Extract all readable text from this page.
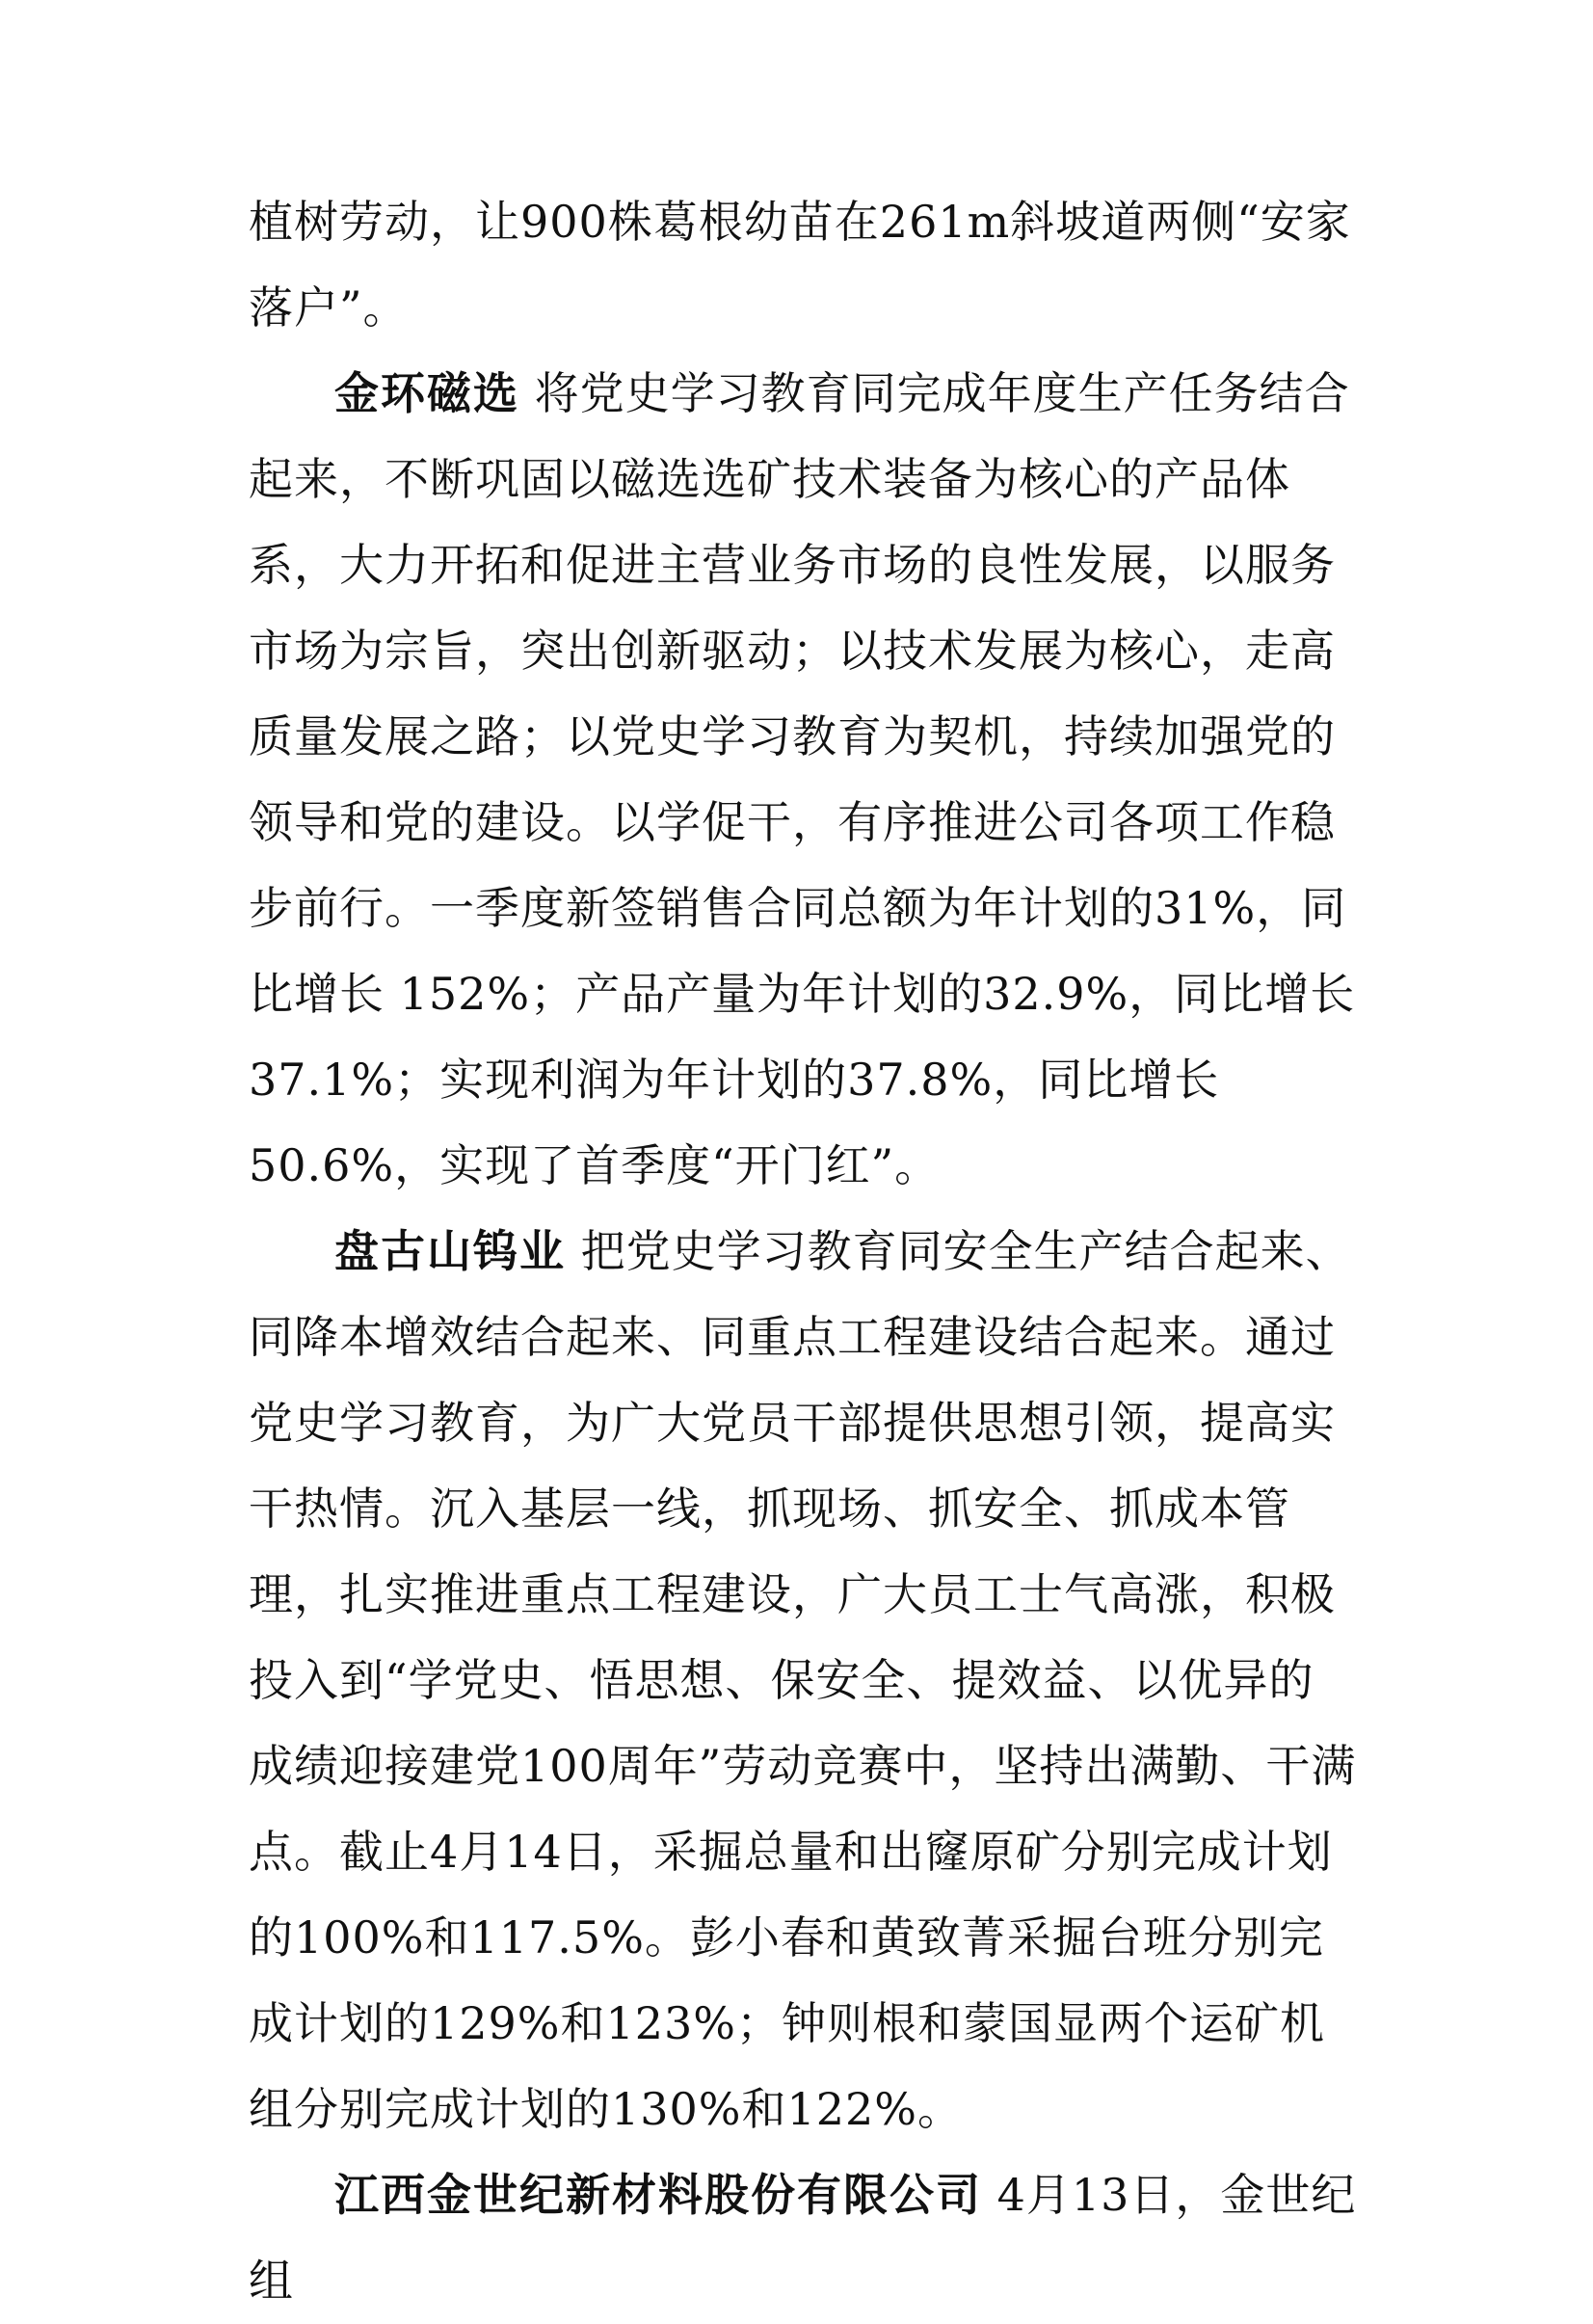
植树劳动，让900株葛根幼苗在261m斜坡道两侧“安家落户”。

金环磁选 将党史学习教育同完成年度生产任务结合起来，不断巩固以磁选选矿技术装备为核心的产品体系，大力开拓和促进主营业务市场的良性发展，以服务市场为宗旨，突出创新驱动；以技术发展为核心，走高质量发展之路；以党史学习教育为契机，持续加强党的领导和党的建设。以学促干，有序推进公司各项工作稳步前行。一季度新签销售合同总额为年计划的31%，同比增长 152%；产品产量为年计划的32.9%，同比增长37.1%；实现利润为年计划的37.8%，同比增长50.6%，实现了首季度“开门红”。

盘古山钨业 把党史学习教育同安全生产结合起来、同降本增效结合起来、同重点工程建设结合起来。通过党史学习教育，为广大党员干部提供思想引领，提高实干热情。沉入基层一线，抓现场、抓安全、抓成本管理，扎实推进重点工程建设，广大员工士气高涨，积极投入到“学党史、悟思想、保安全、提效益、以优异的成绩迎接建党100周年”劳动竞赛中，坚持出满勤、干满点。截止4月14日，采掘总量和出窿原矿分别完成计划的100%和117.5%。彭小春和黄致菁采掘台班分别完成计划的129%和123%；钟则根和蒙国显两个运矿机组分别完成计划的130%和122%。

江西金世纪新材料股份有限公司 4月13日，金世纪组
